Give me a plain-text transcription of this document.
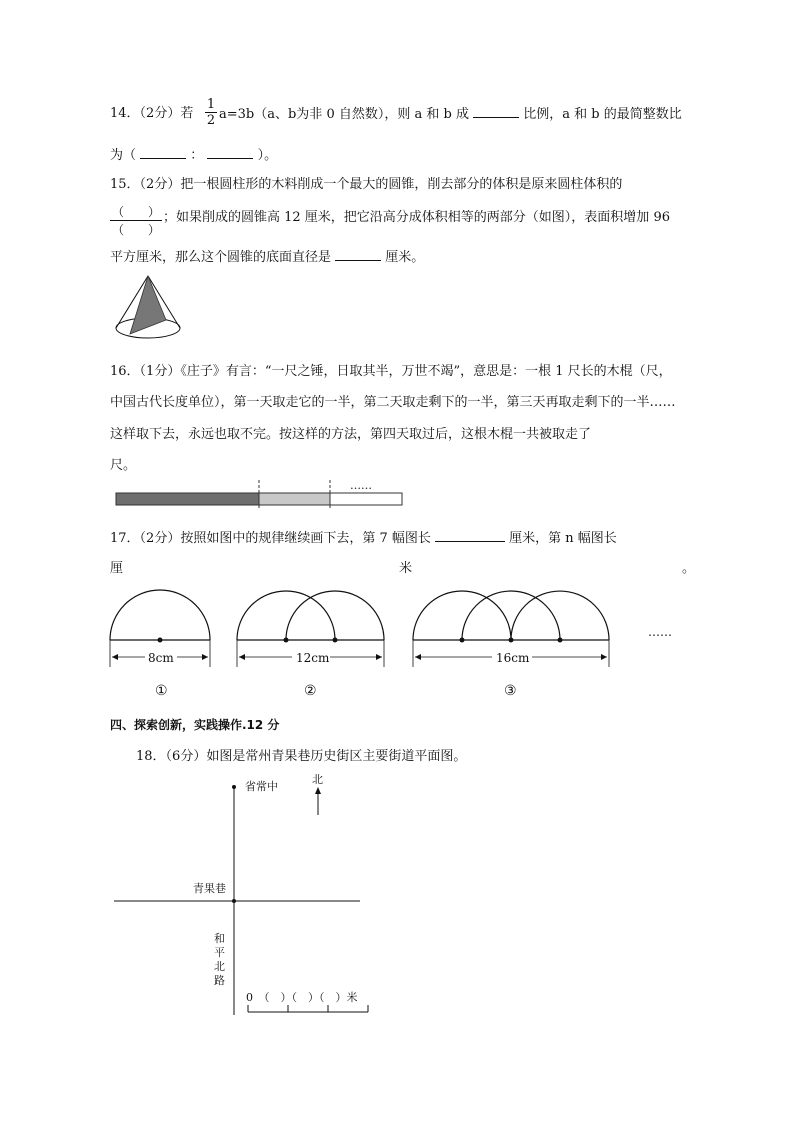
14．（2分）若
1
2 a=3b（a、b为非 0 自然数），则 a 和 b 成	比例，a 和 b 的最简整数比
为（	：	）。
15．（2分）把一根圆柱形的木料削成一个最大的圆锥，削去部分的体积是原来圆柱体积的
（　　）
（　　）
；如果削成的圆锥高 12 厘米，把它沿高分成体积相等的两部分（如图），表面积增加 96
平方厘米，那么这个圆锥的底面直径是	厘米。
16．（1分）《庄子》有言：“一尺之锤，日取其半，万世不竭”，意思是：一根 1 尺长的木棍（尺，
中国古代长度单位），第一天取走它的一半，第二天取走剩下的一半，第三天再取走剩下的一半……
这样取下去，永远也取不完。按这样的方法，第四天取过后，这根木棍一共被取走了
尺。
……
17．（2分）按照如图中的规律继续画下去，第 7 幅图长	厘米，第 n 幅图长
厘	米	。
8cm	12cm	16cm
①	②	③
……
四、探索创新，实践操作.12 分
18．（6分）如图是常州青果巷历史街区主要街道平面图。
省常中
北
青果巷
和
平
北
路
0　（　）（　）（　）米
